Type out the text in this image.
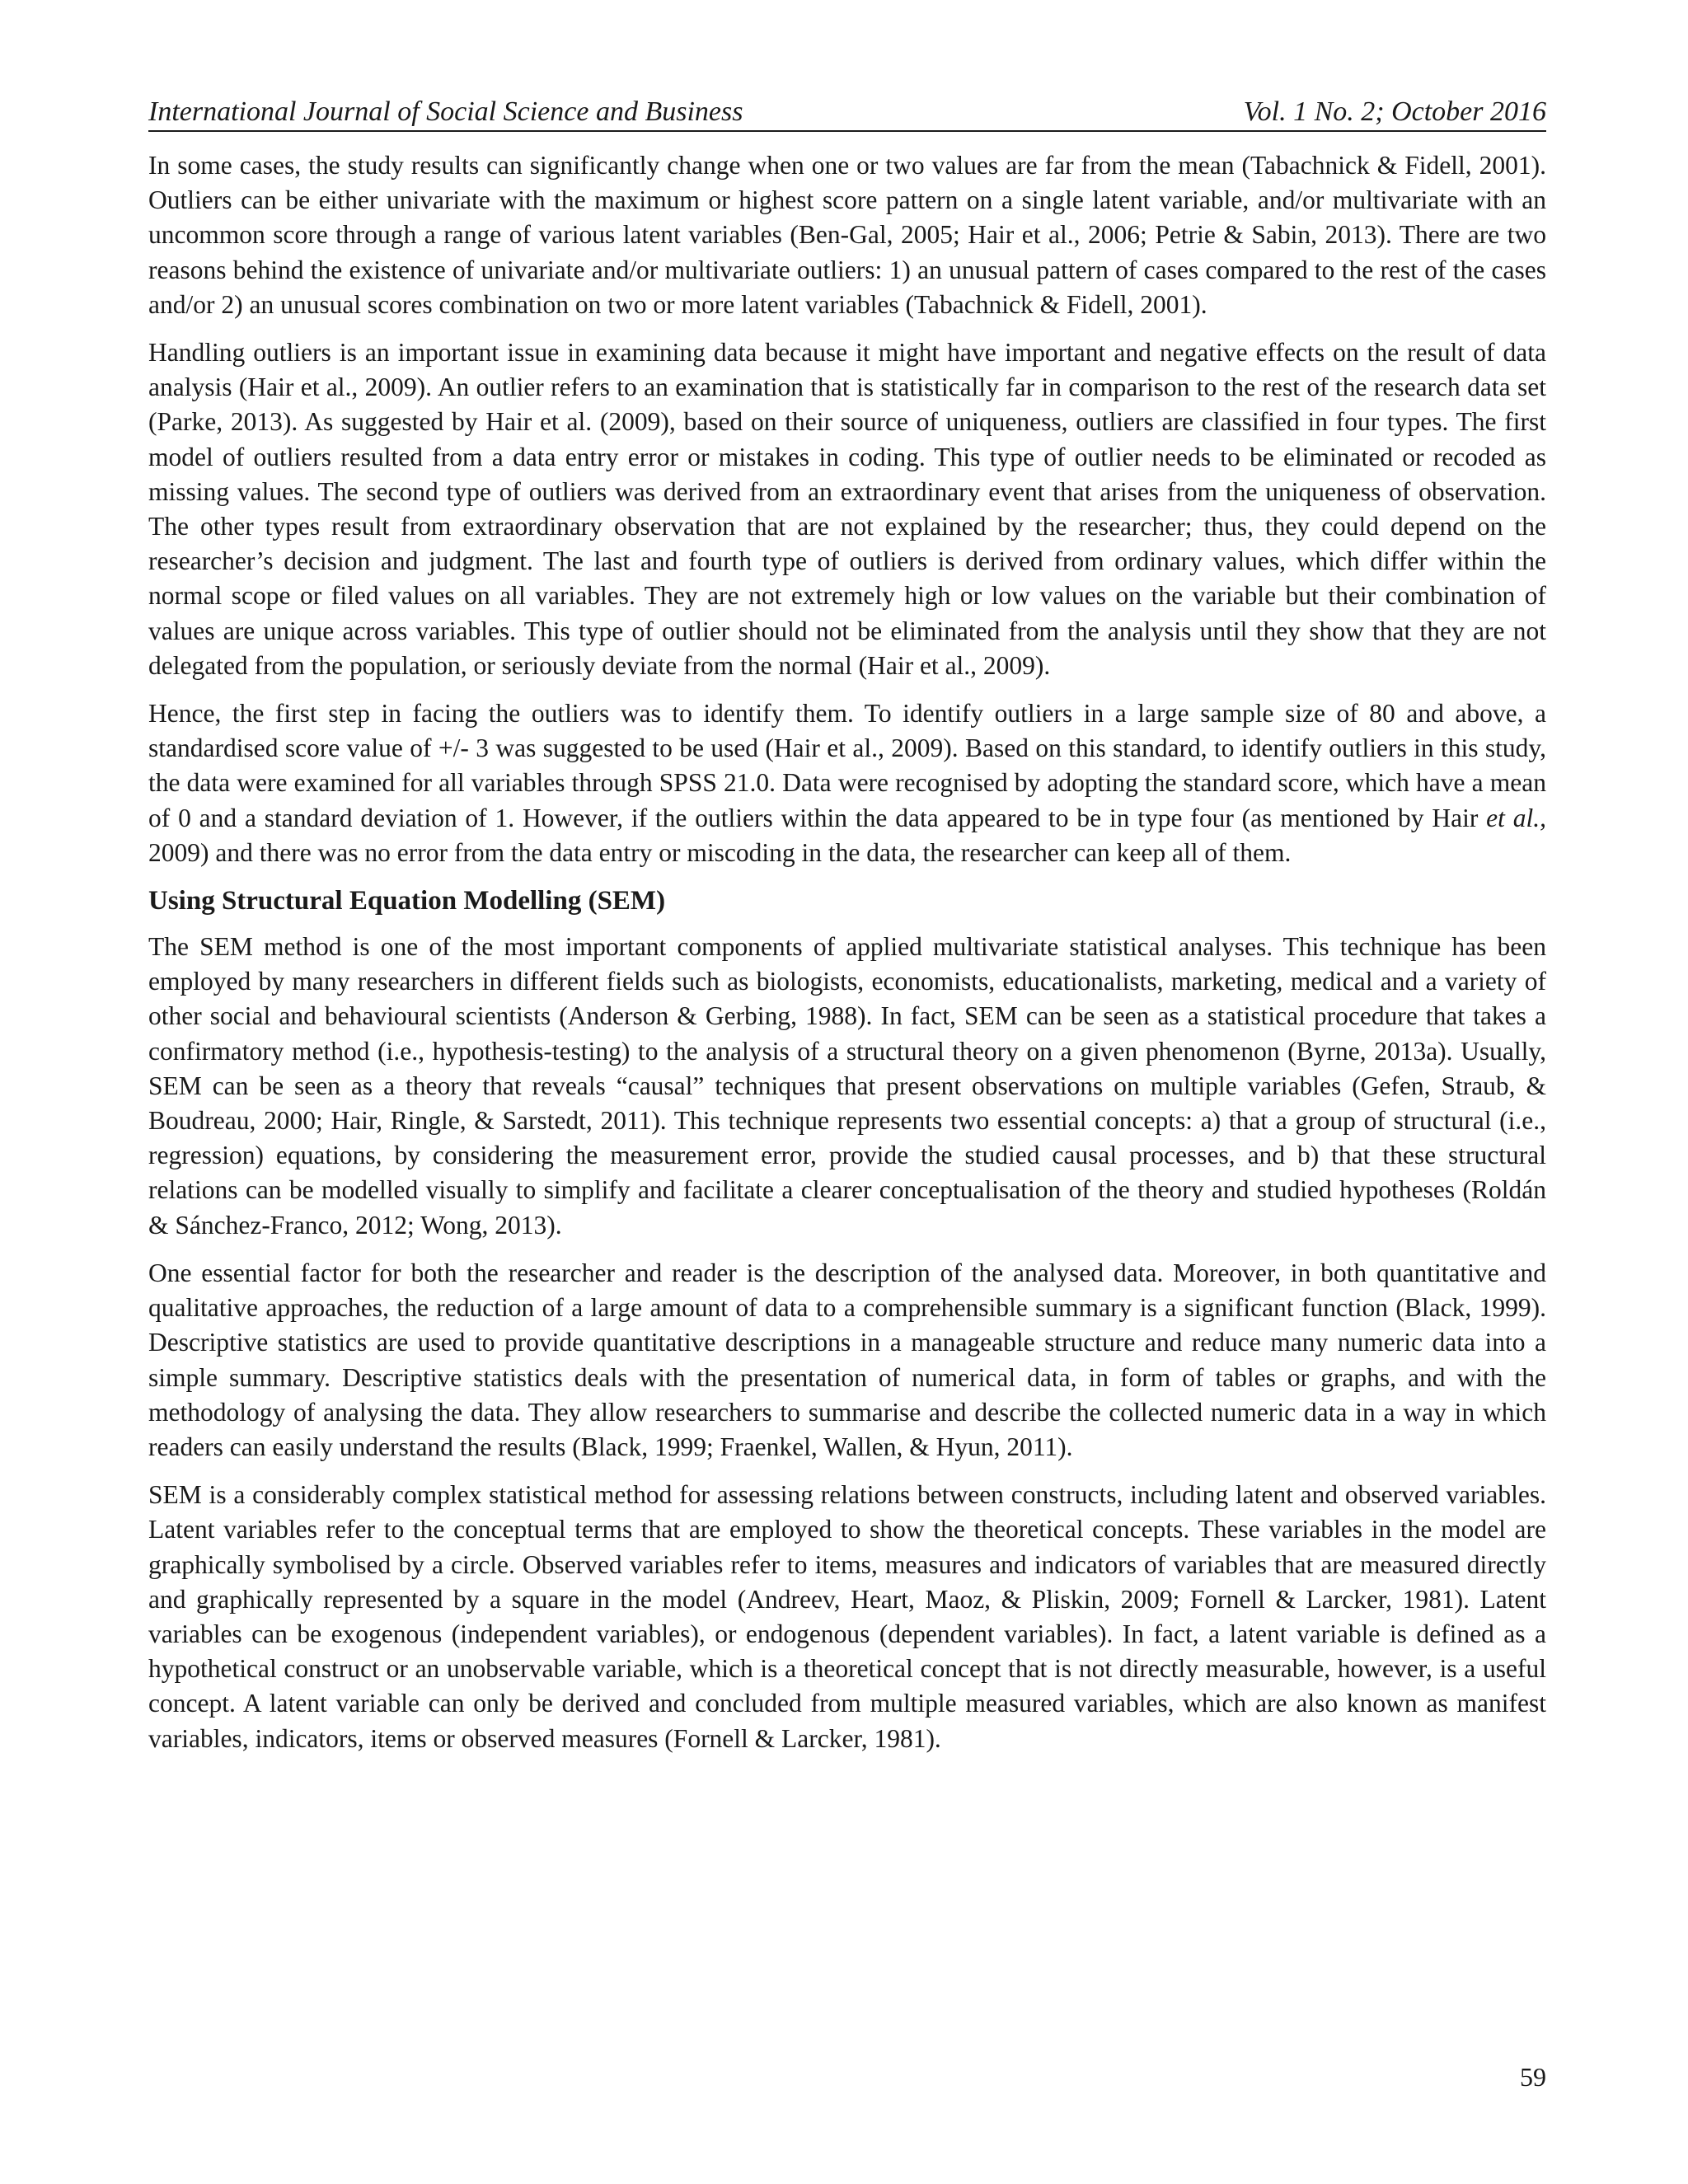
International Journal of Social Science and Business	Vol. 1 No. 2; October 2016

In some cases, the study results can significantly change when one or two values are far from the mean (Tabachnick & Fidell, 2001). Outliers can be either univariate with the maximum or highest score pattern on a single latent variable, and/or multivariate with an uncommon score through a range of various latent variables (Ben-Gal, 2005; Hair et al., 2006; Petrie & Sabin, 2013). There are two reasons behind the existence of univariate and/or multivariate outliers: 1) an unusual pattern of cases compared to the rest of the cases and/or 2) an unusual scores combination on two or more latent variables (Tabachnick & Fidell, 2001).

Handling outliers is an important issue in examining data because it might have important and negative effects on the result of data analysis (Hair et al., 2009). An outlier refers to an examination that is statistically far in comparison to the rest of the research data set (Parke, 2013). As suggested by Hair et al. (2009), based on their source of uniqueness, outliers are classified in four types. The first model of outliers resulted from a data entry error or mistakes in coding. This type of outlier needs to be eliminated or recoded as missing values. The second type of outliers was derived from an extraordinary event that arises from the uniqueness of observation. The other types result from extraordinary observation that are not explained by the researcher; thus, they could depend on the researcher’s decision and judgment. The last and fourth type of outliers is derived from ordinary values, which differ within the normal scope or filed values on all variables. They are not extremely high or low values on the variable but their combination of values are unique across variables. This type of outlier should not be eliminated from the analysis until they show that they are not delegated from the population, or seriously deviate from the normal (Hair et al., 2009).

Hence, the first step in facing the outliers was to identify them. To identify outliers in a large sample size of 80 and above, a standardised score value of +/- 3 was suggested to be used (Hair et al., 2009). Based on this standard, to identify outliers in this study, the data were examined for all variables through SPSS 21.0. Data were recognised by adopting the standard score, which have a mean of 0 and a standard deviation of 1. However, if the outliers within the data appeared to be in type four (as mentioned by Hair et al., 2009) and there was no error from the data entry or miscoding in the data, the researcher can keep all of them.

Using Structural Equation Modelling (SEM)

The SEM method is one of the most important components of applied multivariate statistical analyses. This technique has been employed by many researchers in different fields such as biologists, economists, educationalists, marketing, medical and a variety of other social and behavioural scientists (Anderson & Gerbing, 1988). In fact, SEM can be seen as a statistical procedure that takes a confirmatory method (i.e., hypothesis-testing) to the analysis of a structural theory on a given phenomenon (Byrne, 2013a). Usually, SEM can be seen as a theory that reveals “causal” techniques that present observations on multiple variables (Gefen, Straub, & Boudreau, 2000; Hair, Ringle, & Sarstedt, 2011). This technique represents two essential concepts: a) that a group of structural (i.e., regression) equations, by considering the measurement error, provide the studied causal processes, and b) that these structural relations can be modelled visually to simplify and facilitate a clearer conceptualisation of the theory and studied hypotheses (Roldán & Sánchez-Franco, 2012; Wong, 2013).

One essential factor for both the researcher and reader is the description of the analysed data. Moreover, in both quantitative and qualitative approaches, the reduction of a large amount of data to a comprehensible summary is a significant function (Black, 1999). Descriptive statistics are used to provide quantitative descriptions in a manageable structure and reduce many numeric data into a simple summary. Descriptive statistics deals with the presentation of numerical data, in form of tables or graphs, and with the methodology of analysing the data. They allow researchers to summarise and describe the collected numeric data in a way in which readers can easily understand the results (Black, 1999; Fraenkel, Wallen, & Hyun, 2011).

SEM is a considerably complex statistical method for assessing relations between constructs, including latent and observed variables. Latent variables refer to the conceptual terms that are employed to show the theoretical concepts. These variables in the model are graphically symbolised by a circle. Observed variables refer to items, measures and indicators of variables that are measured directly and graphically represented by a square in the model (Andreev, Heart, Maoz, & Pliskin, 2009; Fornell & Larcker, 1981). Latent variables can be exogenous (independent variables), or endogenous (dependent variables). In fact, a latent variable is defined as a hypothetical construct or an unobservable variable, which is a theoretical concept that is not directly measurable, however, is a useful concept. A latent variable can only be derived and concluded from multiple measured variables, which are also known as manifest variables, indicators, items or observed measures (Fornell & Larcker, 1981).

59
